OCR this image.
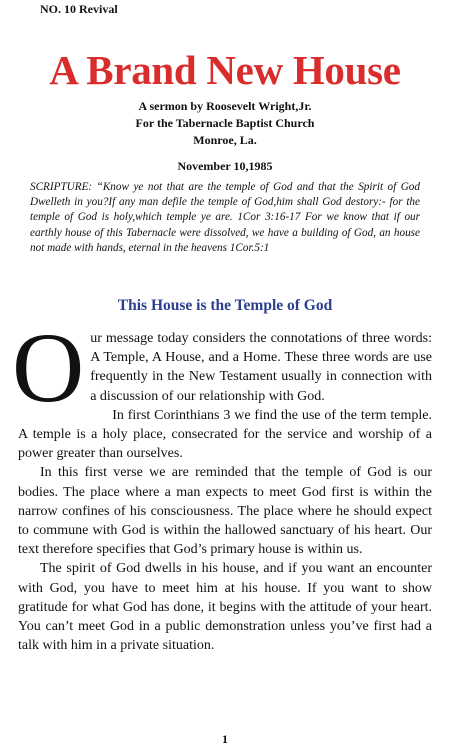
NO. 10 Revival
A Brand New House
A sermon by Roosevelt Wright,Jr.
For the Tabernacle Baptist Church
Monroe, La.
November 10,1985
SCRIPTURE: “Know ye not that are the temple of God and that the Spirit of God Dwelleth in you?If any man defile the temple of God,him shall God destory:- for the temple of God is holy,which temple ye are. 1Cor 3:16-17 For we know that if our earthly house of this Tabernacle were dissolved, we have a building of God, an house not made with hands, eternal in the heavens 1Cor.5:1
This House is the Temple of God

Our message today considers the connotations of three words: A Temple, A House, and a Home. These three words are use frequently in the New Testament usually in connection with a discussion of our relationship with God.

In first Corinthians 3 we find the use of the term temple. A temple is a holy place, consecrated for the service and worship of a power greater than ourselves.

In this first verse we are reminded that the temple of God is our bodies. The place where a man expects to meet God first is within the narrow confines of his consciousness. The place where he should expect to commune with God is within the hallowed sanctuary of his heart. Our text therefore specifies that God’s primary house is within us.

The spirit of God dwells in his house, and if you want an encounter with God, you have to meet him at his house. If you want to show gratitude for what God has done, it begins with the attitude of your heart. You can’t meet God in a public demonstration unless you’ve first had a talk with him in a private situation.

1
